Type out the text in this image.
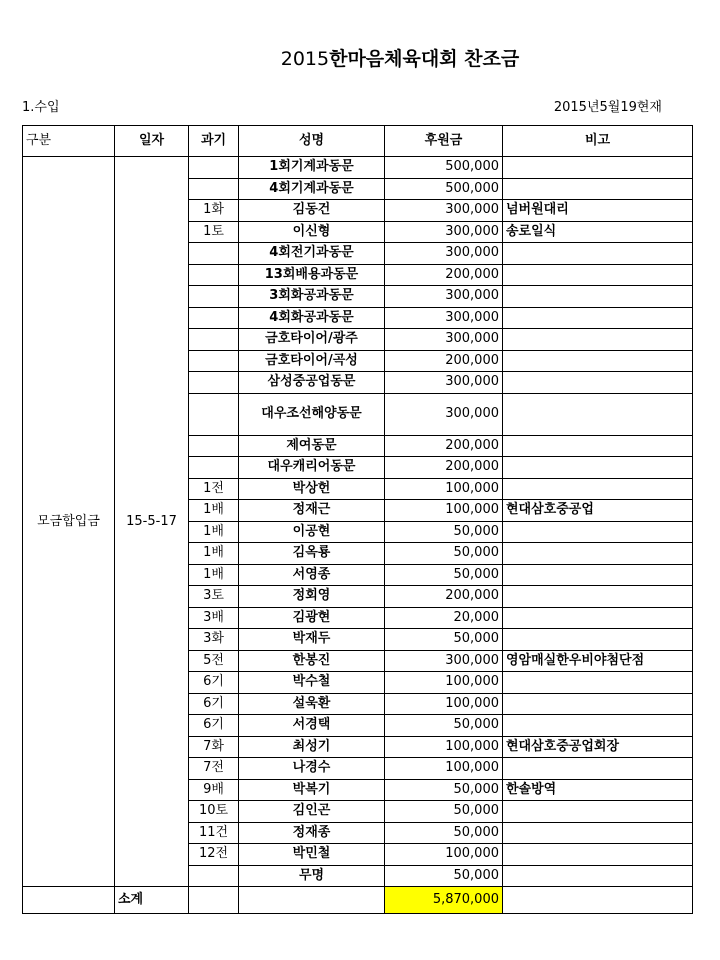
2015한마음체육대회 찬조금
1.수입	2015년5월19현재
구분	일자	과기	성명	후원금	비고
모금합입금	15-5-17		1회기계과동문	500,000	
			4회기계과동문	500,000	
		1화	김동건	300,000	넘버원대리
		1토	이신형	300,000	송로일식
			4회전기과동문	300,000	
			13회배용과동문	200,000	
			3회화공과동문	300,000	
			4회화공과동문	300,000	
			금호타이어/광주	300,000	
			금호타이어/곡성	200,000	
			삼성중공업동문	300,000	
			대우조선해양동문	300,000	
			제여동문	200,000	
			대우캐리어동문	200,000	
		1전	박상헌	100,000	
		1배	정재근	100,000	현대삼호중공업
		1배	이공현	50,000	
		1배	김옥룡	50,000	
		1배	서영종	50,000	
		3토	정회영	200,000	
		3배	김광현	20,000	
		3화	박재두	50,000	
		5전	한봉진	300,000	영암매실한우비야첨단점
		6기	박수철	100,000	
		6기	설욱환	100,000	
		6기	서경택	50,000	
		7화	최성기	100,000	현대삼호중공업회장
		7전	나경수	100,000	
		9배	박복기	50,000	한솔방역
		10토	김인곤	50,000	
		11건	정재종	50,000	
		12전	박민철	100,000	
			무명	50,000	
	소계			5,870,000	
